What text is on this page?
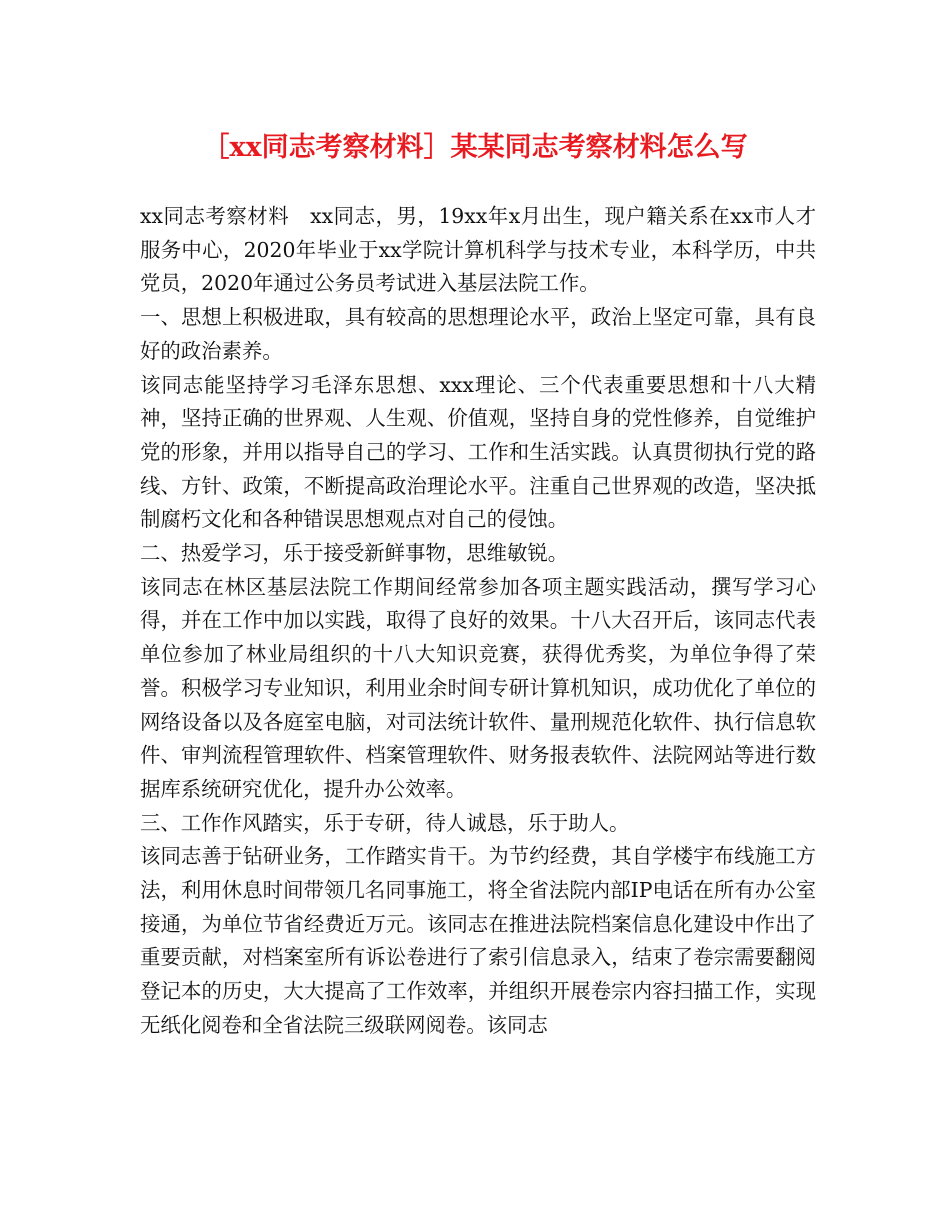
［xx同志考察材料］某某同志考察材料怎么写

xx同志考察材料　xx同志，男，19xx年x月出生，现户籍关系在xx市人才服务中心，2020年毕业于xx学院计算机科学与技术专业，本科学历，中共党员，2020年通过公务员考试进入基层法院工作。

一、思想上积极进取，具有较高的思想理论水平，政治上坚定可靠，具有良好的政治素养。

该同志能坚持学习毛泽东思想、xxx理论、三个代表重要思想和十八大精神，坚持正确的世界观、人生观、价值观，坚持自身的党性修养，自觉维护党的形象，并用以指导自己的学习、工作和生活实践。认真贯彻执行党的路线、方针、政策，不断提高政治理论水平。注重自己世界观的改造，坚决抵制腐朽文化和各种错误思想观点对自己的侵蚀。

二、热爱学习，乐于接受新鲜事物，思维敏锐。

该同志在林区基层法院工作期间经常参加各项主题实践活动，撰写学习心得，并在工作中加以实践，取得了良好的效果。十八大召开后，该同志代表单位参加了林业局组织的十八大知识竞赛，获得优秀奖，为单位争得了荣誉。积极学习专业知识，利用业余时间专研计算机知识，成功优化了单位的网络设备以及各庭室电脑，对司法统计软件、量刑规范化软件、执行信息软件、审判流程管理软件、档案管理软件、财务报表软件、法院网站等进行数据库系统研究优化，提升办公效率。

三、工作作风踏实，乐于专研，待人诚恳，乐于助人。

该同志善于钻研业务，工作踏实肯干。为节约经费，其自学楼宇布线施工方法，利用休息时间带领几名同事施工，将全省法院内部IP电话在所有办公室接通，为单位节省经费近万元。该同志在推进法院档案信息化建设中作出了重要贡献，对档案室所有诉讼卷进行了索引信息录入，结束了卷宗需要翻阅登记本的历史，大大提高了工作效率，并组织开展卷宗内容扫描工作，实现无纸化阅卷和全省法院三级联网阅卷。该同志
